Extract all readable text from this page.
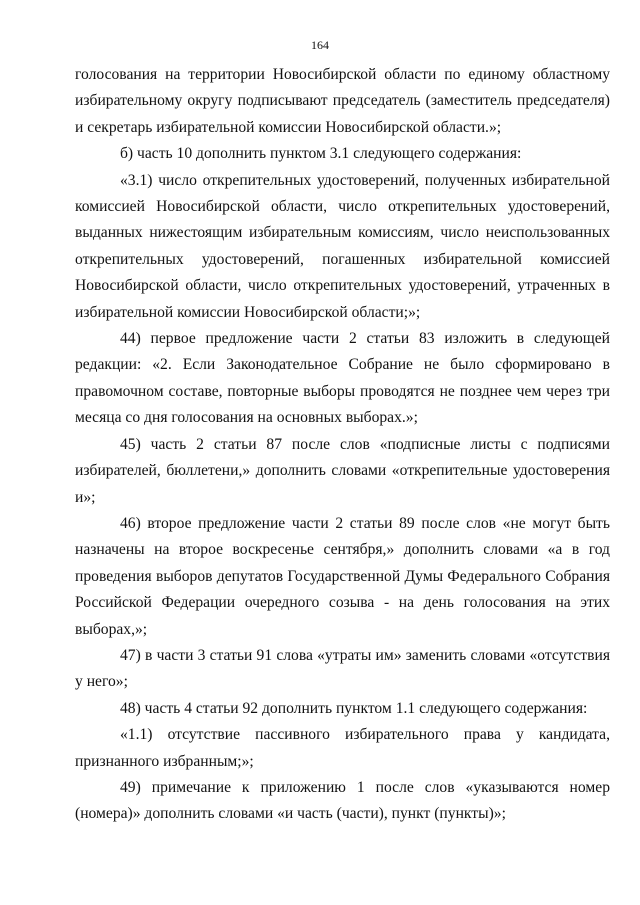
164

голосования на территории Новосибирской области по единому областному избирательному округу подписывают председатель (заместитель председателя) и секретарь избирательной комиссии Новосибирской области.»;

б) часть 10 дополнить пунктом 3.1 следующего содержания:

«3.1) число открепительных удостоверений, полученных избирательной комиссией Новосибирской области, число открепительных удостоверений, выданных нижестоящим избирательным комиссиям, число неиспользованных открепительных удостоверений, погашенных избирательной комиссией Новосибирской области, число открепительных удостоверений, утраченных в избирательной комиссии Новосибирской области;»;

44) первое предложение части 2 статьи 83 изложить в следующей редакции: «2. Если Законодательное Собрание не было сформировано в правомочном составе, повторные выборы проводятся не позднее чем через три месяца со дня голосования на основных выборах.»;

45) часть 2 статьи 87 после слов «подписные листы с подписями избирателей, бюллетени,» дополнить словами «открепительные удостоверения и»;

46) второе предложение части 2 статьи 89 после слов «не могут быть назначены на второе воскресенье сентября,» дополнить словами «а в год проведения выборов депутатов Государственной Думы Федерального Собрания Российской Федерации очередного созыва - на день голосования на этих выборах,»;

47) в части 3 статьи 91 слова «утраты им» заменить словами «отсутствия у него»;

48) часть 4 статьи 92 дополнить пунктом 1.1 следующего содержания:

«1.1) отсутствие пассивного избирательного права у кандидата, признанного избранным;»;

49) примечание к приложению 1 после слов «указываются номер (номера)» дополнить словами «и часть (части), пункт (пункты)»;
